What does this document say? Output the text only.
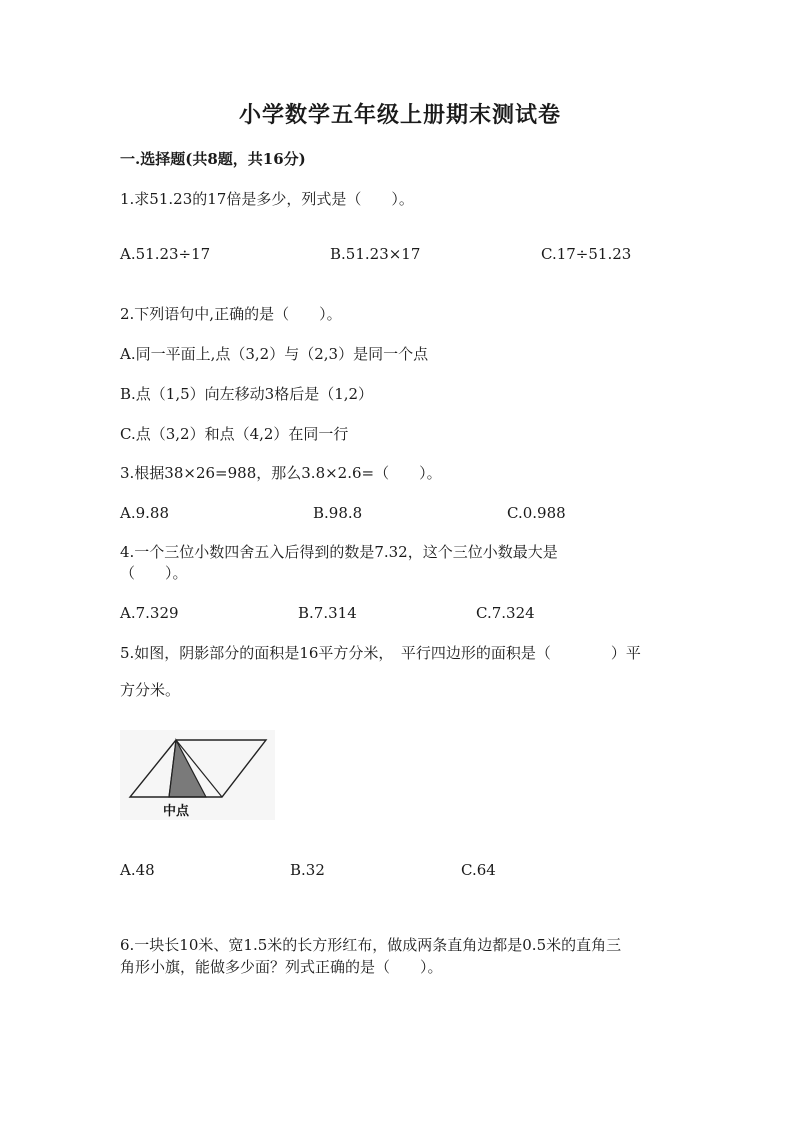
小学数学五年级上册期末测试卷
一.选择题(共8题，共16分)
1.求51.23的17倍是多少，列式是（　　）。
A.51.23÷17	B.51.23×17	C.17÷51.23
2.下列语句中,正确的是（　　）。
A.同一平面上,点（3,2）与（2,3）是同一个点
B.点（1,5）向左移动3格后是（1,2）
C.点（3,2）和点（4,2）在同一行
3.根据38×26=988，那么3.8×2.6=（　　）。
A.9.88	B.98.8	C.0.988
4.一个三位小数四舍五入后得到的数是7.32，这个三位小数最大是
（　　）。
A.7.329	B.7.314	C.7.324
5.如图，阴影部分的面积是16平方分米，　平行四边形的面积是（　　　　）平
方分米。
中点
A.48	B.32	C.64
6.一块长10米、宽1.5米的长方形红布，做成两条直角边都是0.5米的直角三
角形小旗，能做多少面？列式正确的是（　　）。
